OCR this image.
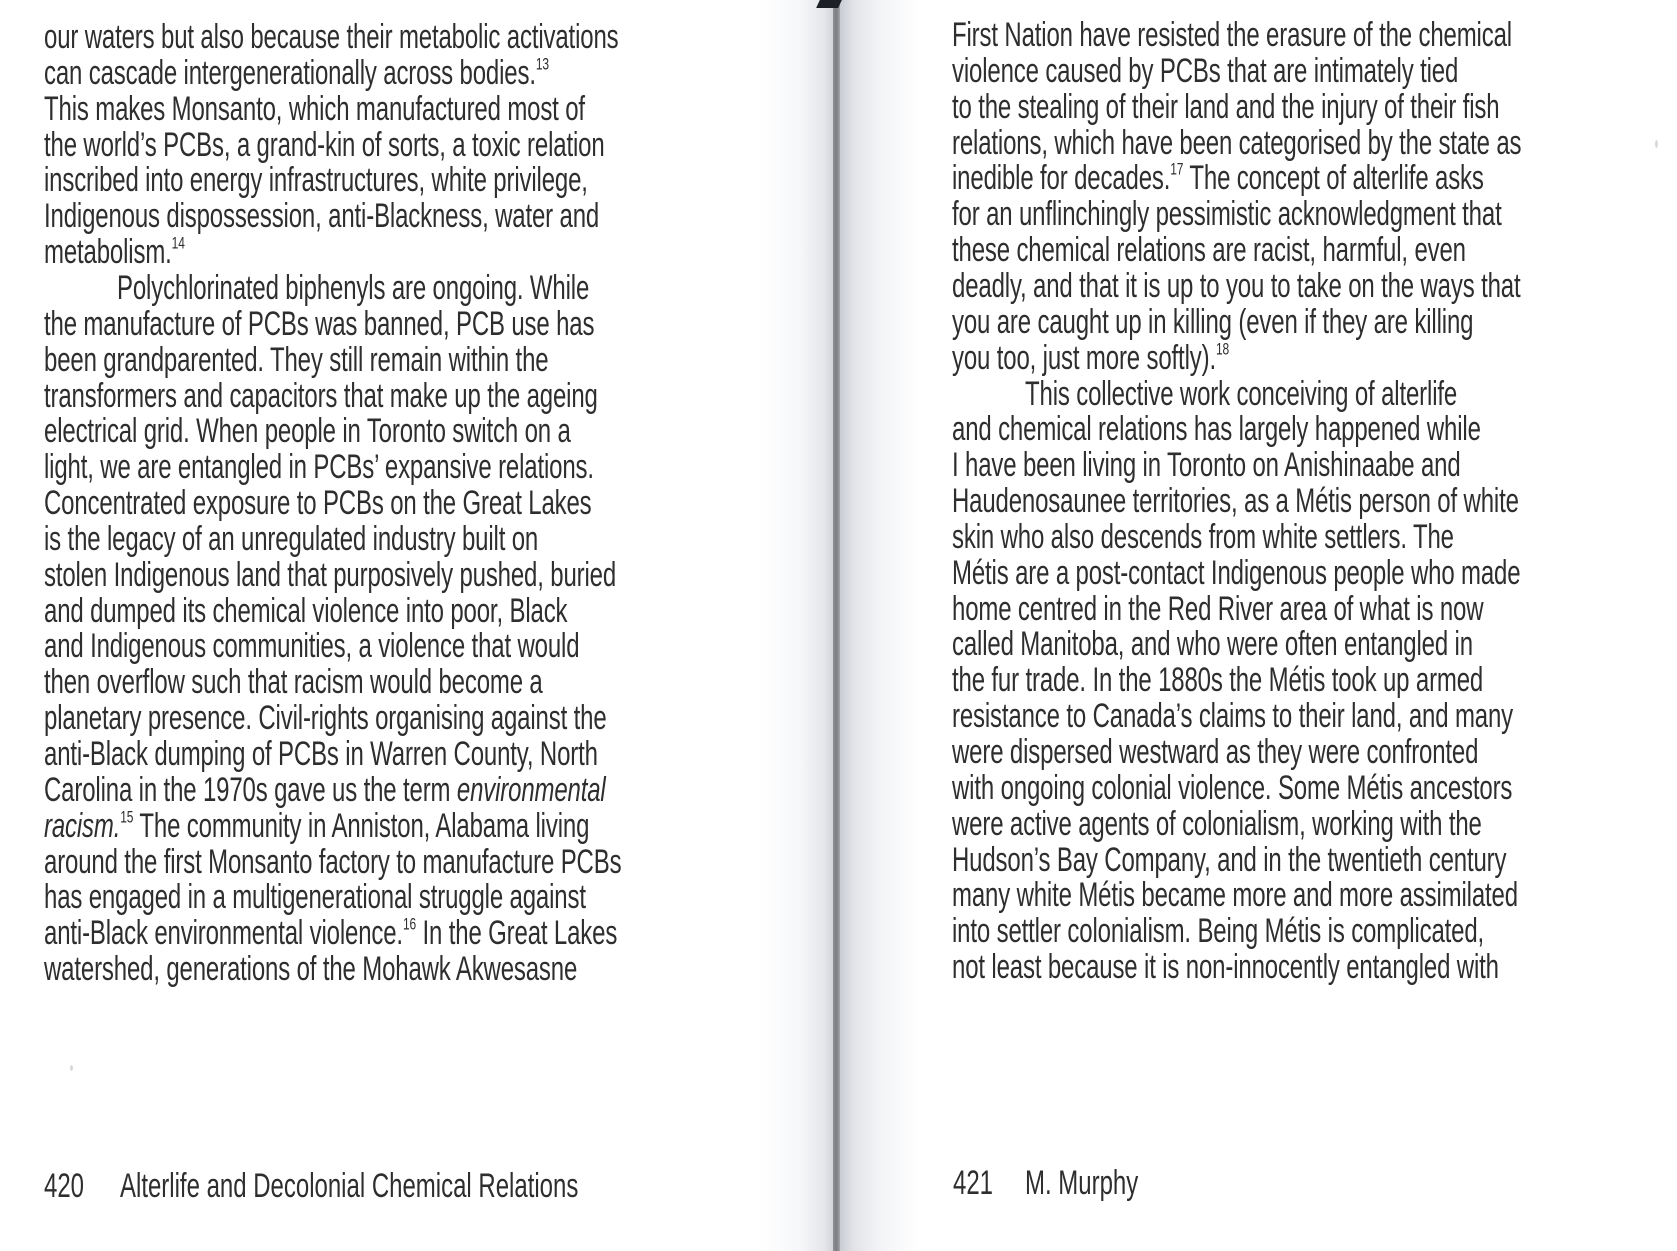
our waters but also because their metabolic activations
can cascade intergenerationally across bodies.$^{13}$
This makes Monsanto, which manufactured most of
the world’s PCBs, a grand-kin of sorts, a toxic relation
inscribed into energy infrastructures, white privilege,
Indigenous dispossession, anti-Blackness, water and
metabolism.$^{14}$
Polychlorinated biphenyls are ongoing. While
the manufacture of PCBs was banned, PCB use has
been grandparented. They still remain within the
transformers and capacitors that make up the ageing
electrical grid. When people in Toronto switch on a
light, we are entangled in PCBs’ expansive relations.
Concentrated exposure to PCBs on the Great Lakes
is the legacy of an unregulated industry built on
stolen Indigenous land that purposively pushed, buried
and dumped its chemical violence into poor, Black
and Indigenous communities, a violence that would
then overflow such that racism would become a
planetary presence. Civil-rights organising against the
anti-Black dumping of PCBs in Warren County, North
Carolina in the 1970s gave us the term environmental
racism.$^{15}$ The community in Anniston, Alabama living
around the first Monsanto factory to manufacture PCBs
has engaged in a multigenerational struggle against
anti-Black environmental violence.$^{16}$ In the Great Lakes
watershed, generations of the Mohawk Akwesasne
420 Alterlife and Decolonial Chemical Relations
First Nation have resisted the erasure of the chemical
violence caused by PCBs that are intimately tied
to the stealing of their land and the injury of their fish
relations, which have been categorised by the state as
inedible for decades.$^{17}$ The concept of alterlife asks
for an unflinchingly pessimistic acknowledgment that
these chemical relations are racist, harmful, even
deadly, and that it is up to you to take on the ways that
you are caught up in killing (even if they are killing
you too, just more softly).$^{18}$
This collective work conceiving of alterlife
and chemical relations has largely happened while
I have been living in Toronto on Anishinaabe and
Haudenosaunee territories, as a Métis person of white
skin who also descends from white settlers. The
Métis are a post-contact Indigenous people who made
home centred in the Red River area of what is now
called Manitoba, and who were often entangled in
the fur trade. In the 1880s the Métis took up armed
resistance to Canada’s claims to their land, and many
were dispersed westward as they were confronted
with ongoing colonial violence. Some Métis ancestors
were active agents of colonialism, working with the
Hudson’s Bay Company, and in the twentieth century
many white Métis became more and more assimilated
into settler colonialism. Being Métis is complicated,
not least because it is non-innocently entangled with
421 M. Murphy
